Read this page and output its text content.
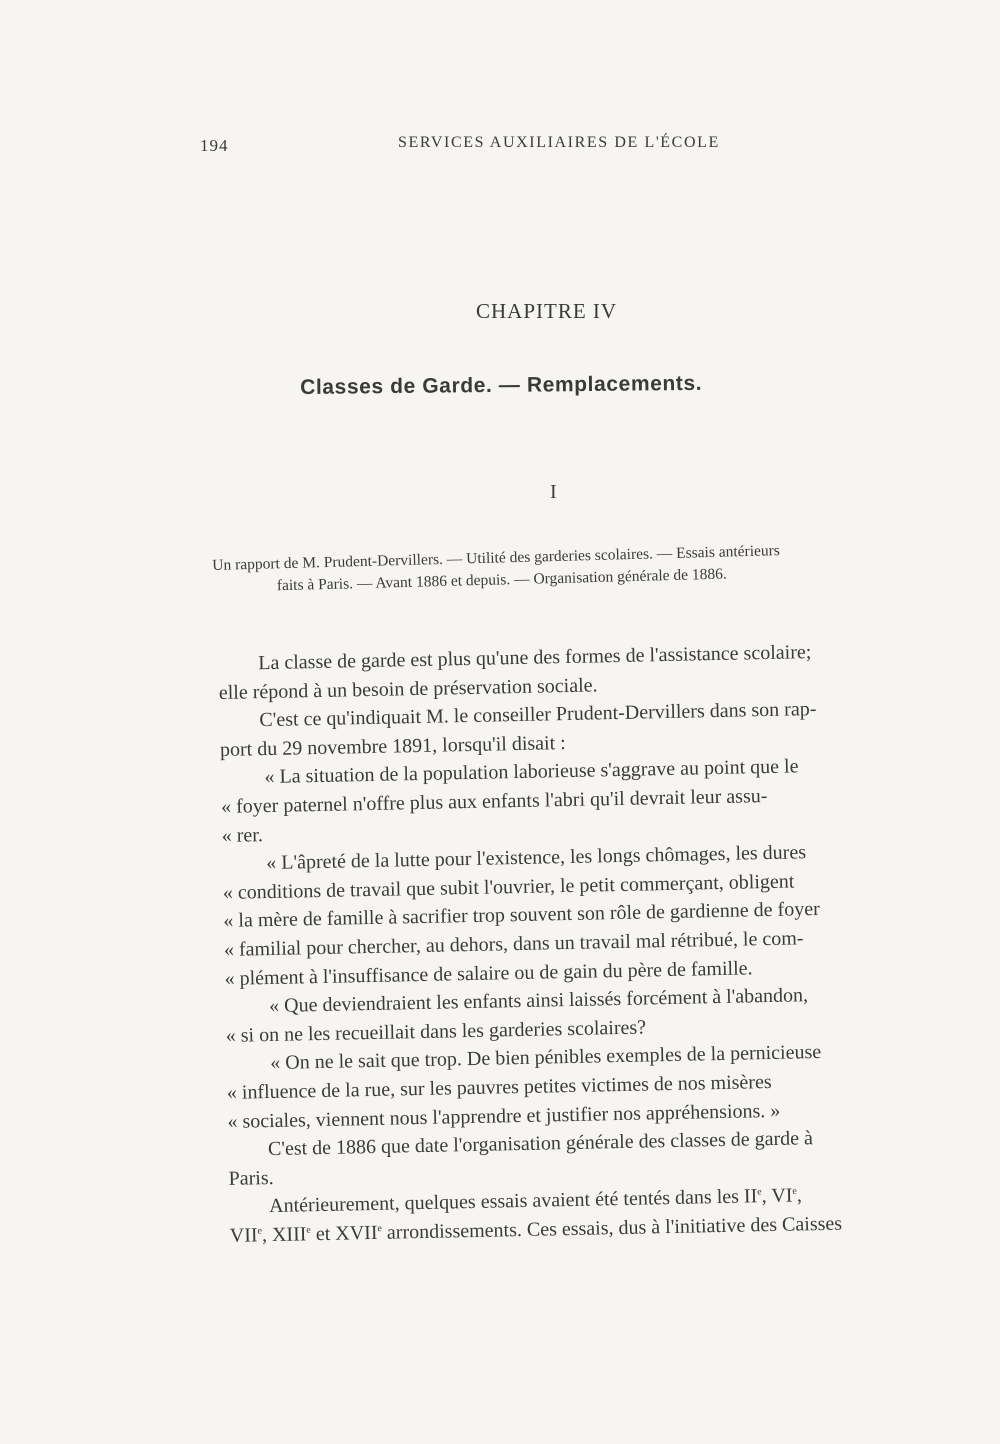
194	SERVICES AUXILIAIRES DE L'ÉCOLE
CHAPITRE IV
Classes de Garde. — Remplacements.
I
Un rapport de M. Prudent-Dervillers. — Utilité des garderies scolaires. — Essais antérieurs
faits à Paris. — Avant 1886 et depuis. — Organisation générale de 1886.
La classe de garde est plus qu'une des formes de l'assistance scolaire;
elle répond à un besoin de préservation sociale.
C'est ce qu'indiquait M. le conseiller Prudent-Dervillers dans son rap-
port du 29 novembre 1891, lorsqu'il disait :
« La situation de la population laborieuse s'aggrave au point que le
« foyer paternel n'offre plus aux enfants l'abri qu'il devrait leur assu-
« rer.
« L'âpreté de la lutte pour l'existence, les longs chômages, les dures
« conditions de travail que subit l'ouvrier, le petit commerçant, obligent
« la mère de famille à sacrifier trop souvent son rôle de gardienne de foyer
« familial pour chercher, au dehors, dans un travail mal rétribué, le com-
« plément à l'insuffisance de salaire ou de gain du père de famille.
« Que deviendraient les enfants ainsi laissés forcément à l'abandon,
« si on ne les recueillait dans les garderies scolaires?
« On ne le sait que trop. De bien pénibles exemples de la pernicieuse
« influence de la rue, sur les pauvres petites victimes de nos misères
« sociales, viennent nous l'apprendre et justifier nos appréhensions. »
C'est de 1886 que date l'organisation générale des classes de garde à
Paris.
Antérieurement, quelques essais avaient été tentés dans les IIe, VIe,
VIIe, XIIIe et XVIIe arrondissements. Ces essais, dus à l'initiative des Caisses
